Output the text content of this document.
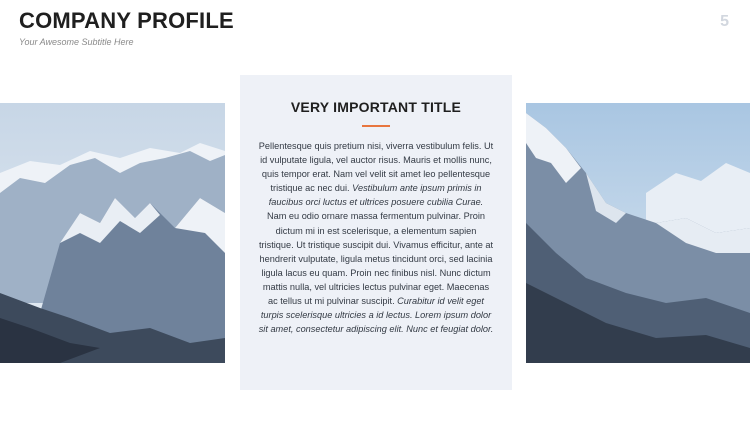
COMPANY PROFILE
Your Awesome Subtitle Here
5
VERY IMPORTANT TITLE

Pellentesque quis pretium nisi, viverra vestibulum felis. Ut id vulputate ligula, vel auctor risus. Mauris et mollis nunc, quis tempor erat. Nam vel velit sit amet leo pellentesque tristique ac nec dui. Vestibulum ante ipsum primis in faucibus orci luctus et ultrices posuere cubilia Curae. Nam eu odio ornare massa fermentum pulvinar. Proin dictum mi in est scelerisque, a elementum sapien tristique. Ut tristique suscipit dui. Vivamus efficitur, ante at hendrerit vulputate, ligula metus tincidunt orci, sed lacinia ligula lacus eu quam. Proin nec finibus nisl. Nunc dictum mattis nulla, vel ultricies lectus pulvinar eget. Maecenas ac tellus ut mi pulvinar suscipit. Curabitur id velit eget turpis scelerisque ultricies a id lectus. Lorem ipsum dolor sit amet, consectetur adipiscing elit. Nunc et feugiat dolor.
